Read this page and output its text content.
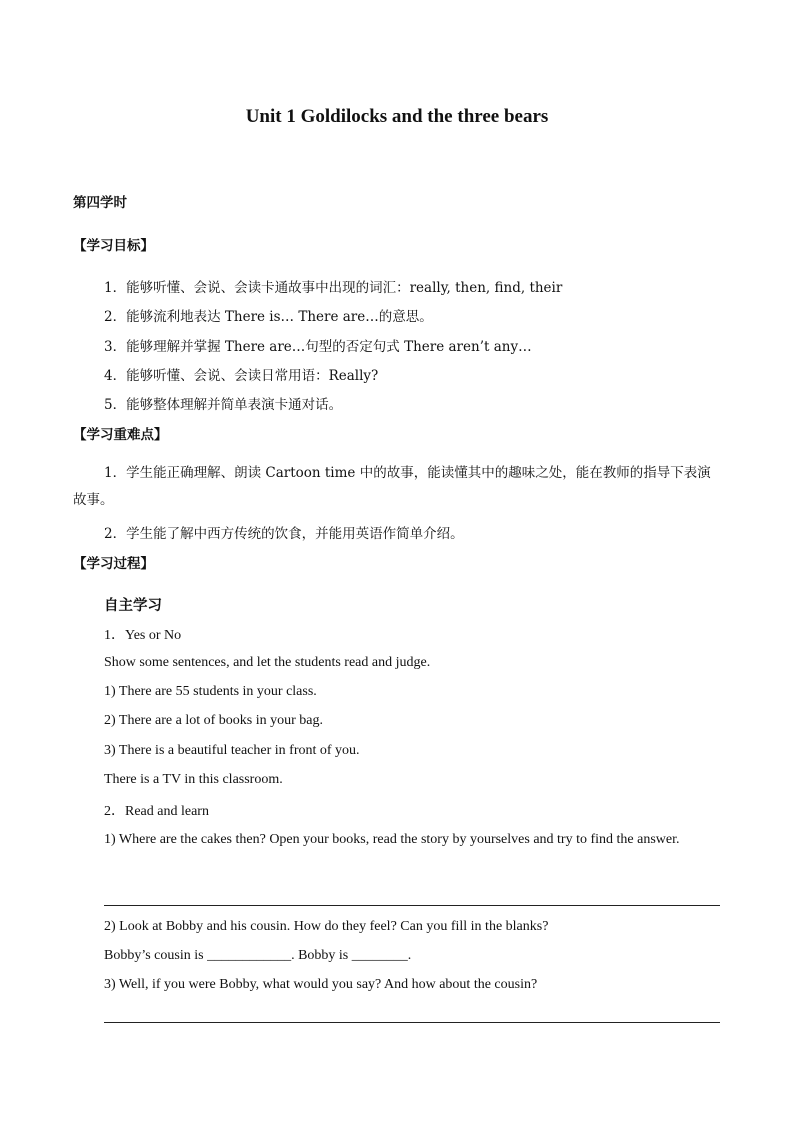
Unit 1 Goldilocks and the three bears
第四学时
【学习目标】
1．能够听懂、会说、会读卡通故事中出现的词汇：really, then, find, their
2．能够流利地表达 There is… There are…的意思。
3．能够理解并掌握 There are…句型的否定句式 There aren’t any…
4．能够听懂、会说、会读日常用语：Really?
5．能够整体理解并简单表演卡通对话。
【学习重难点】
1．学生能正确理解、朗读 Cartoon time 中的故事，能读懂其中的趣味之处，能在教师的指导下表演故事。
2．学生能了解中西方传统的饮食，并能用英语作简单介绍。
【学习过程】
自主学习
1．Yes or No
Show some sentences, and let the students read and judge.
1) There are 55 students in your class.
2) There are a lot of books in your bag.
3) There is a beautiful teacher in front of you.
There is a TV in this classroom.
2．Read and learn
1) Where are the cakes then? Open your books, read the story by yourselves and try to find the answer.
2) Look at Bobby and his cousin. How do they feel? Can you fill in the blanks?
Bobby’s cousin is ____________. Bobby is ________.
3) Well, if you were Bobby, what would you say? And how about the cousin?
